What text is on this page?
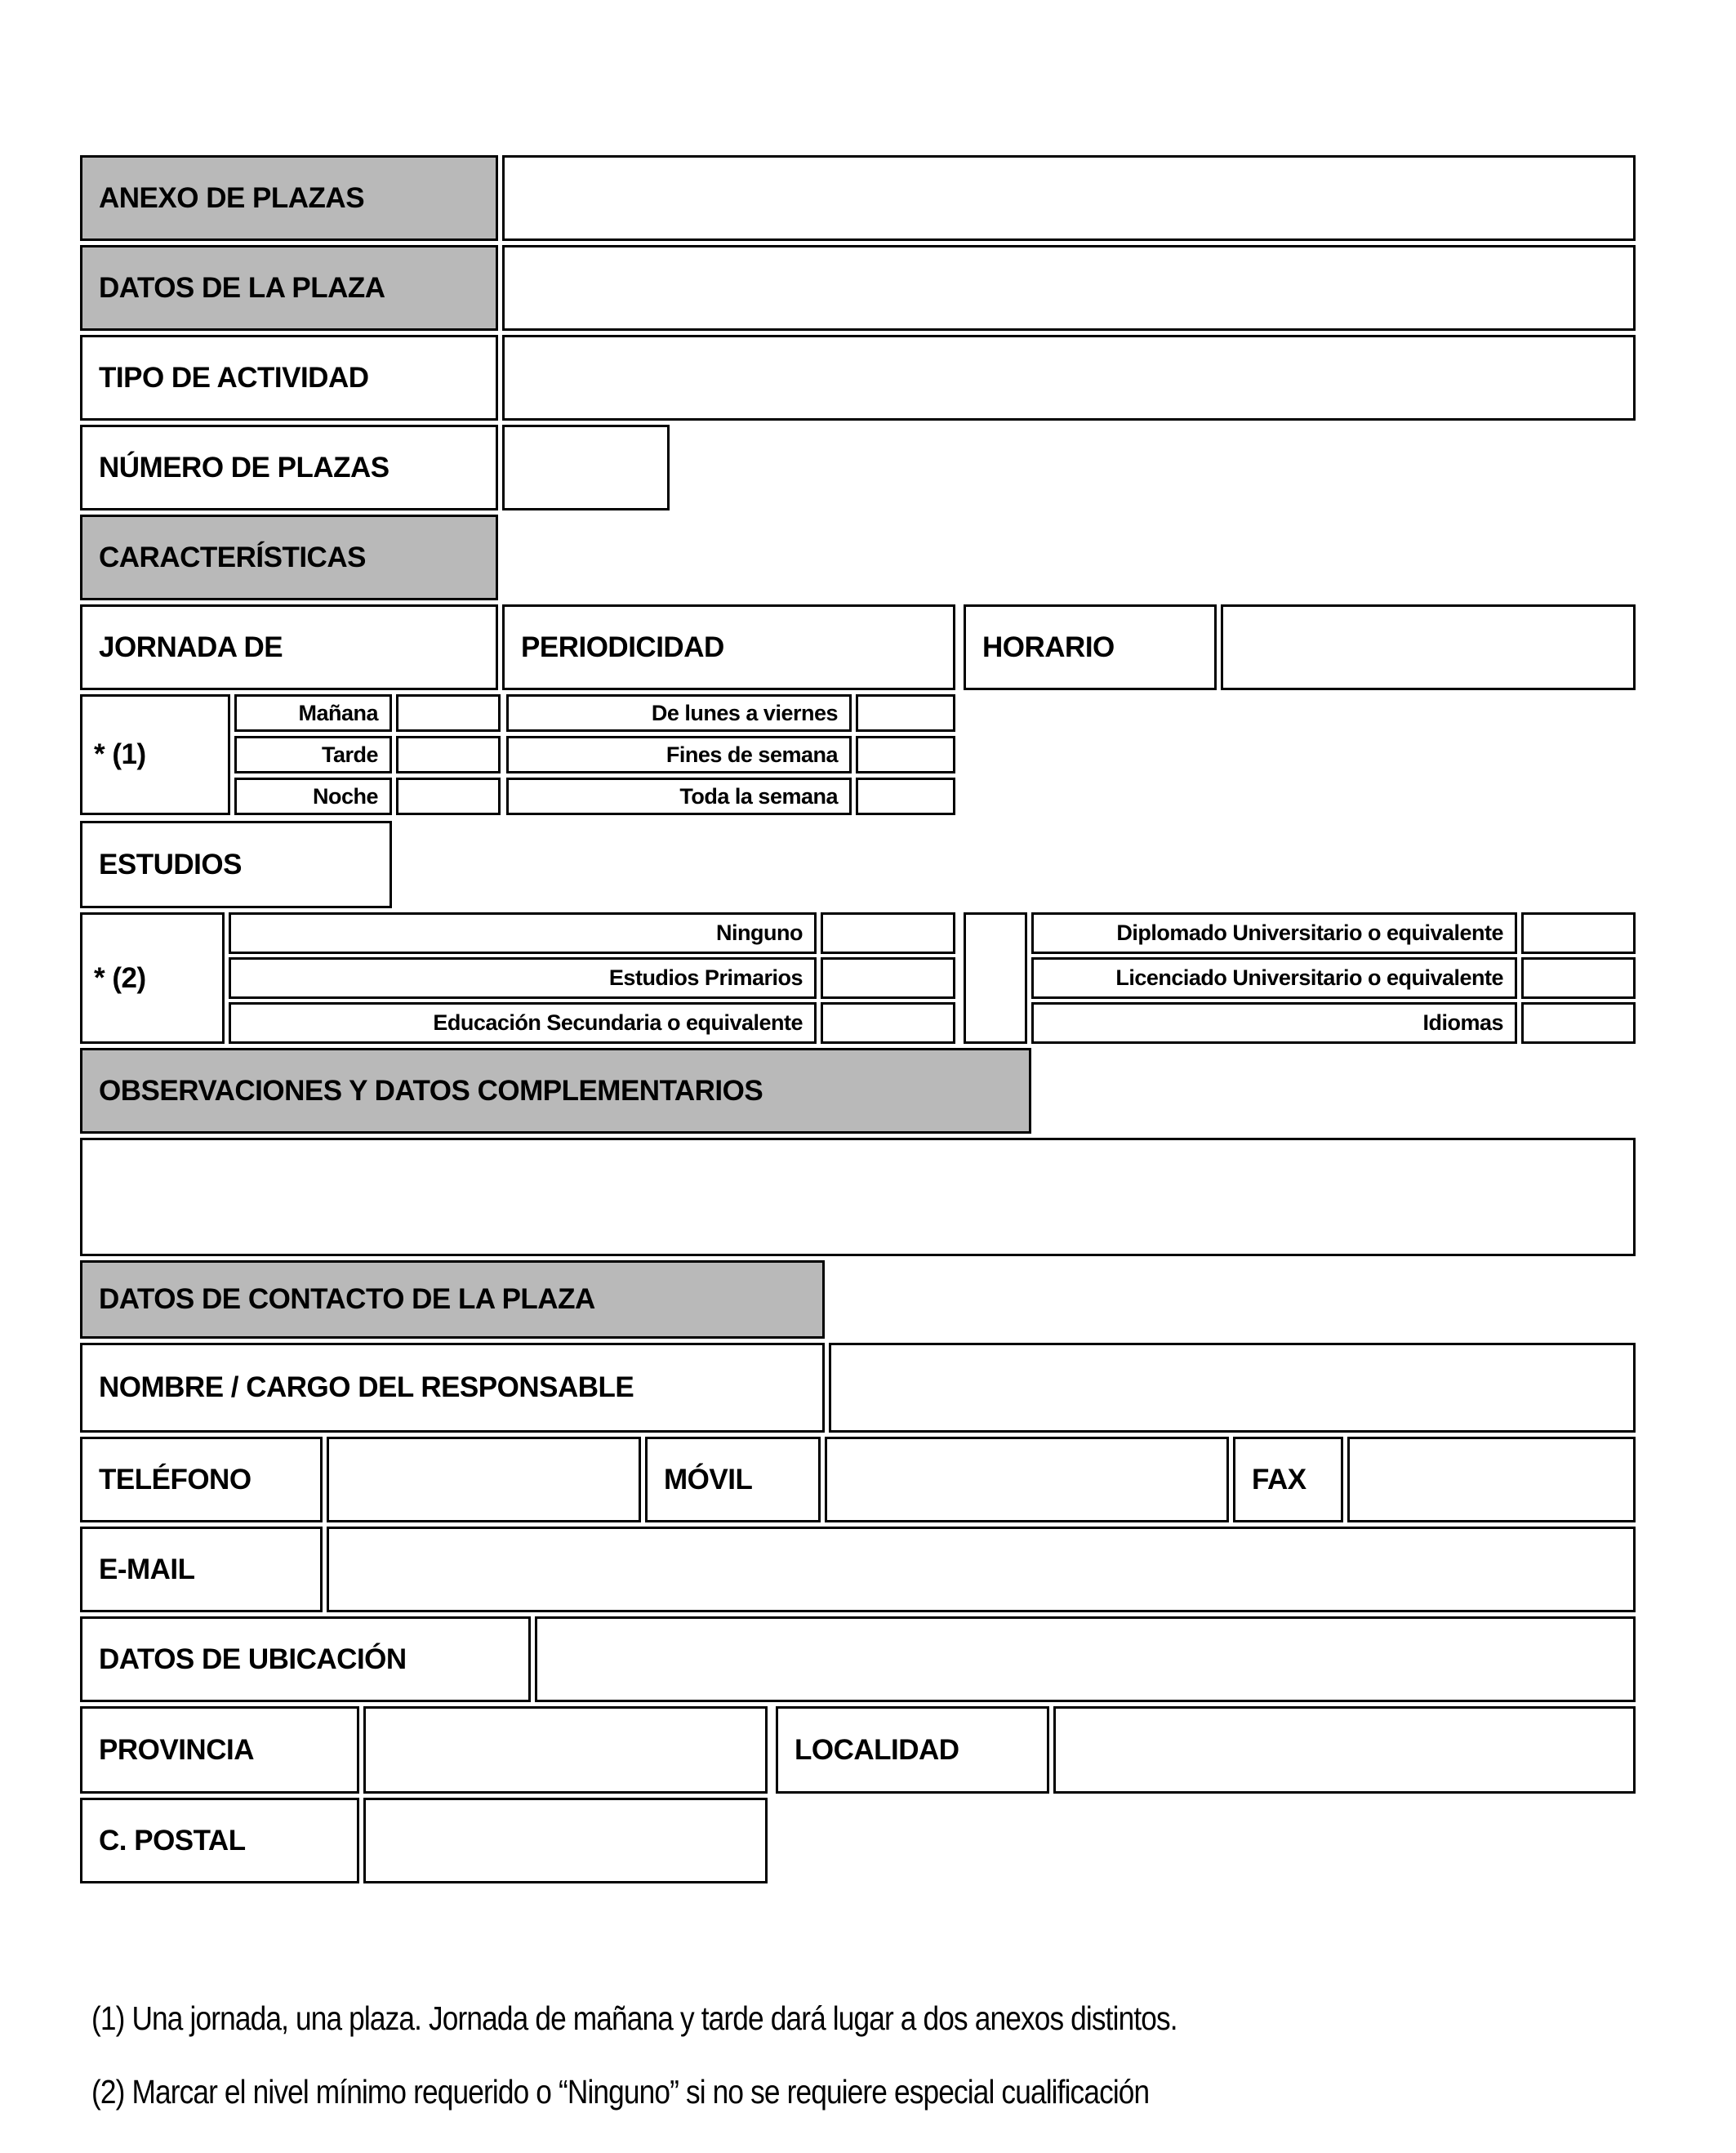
ANEXO DE PLAZAS
DATOS DE LA PLAZA
TIPO DE ACTIVIDAD
NÚMERO DE PLAZAS
CARACTERÍSTICAS
JORNADA DE	PERIODICIDAD	HORARIO
* (1)
Mañana	De lunes a viernes
Tarde	Fines de semana
Noche	Toda la semana
ESTUDIOS
* (2)
Ninguno	Diplomado Universitario o equivalente
Estudios Primarios	Licenciado Universitario o equivalente
Educación Secundaria o equivalente	Idiomas
OBSERVACIONES Y DATOS COMPLEMENTARIOS
DATOS DE CONTACTO DE LA PLAZA
NOMBRE / CARGO DEL RESPONSABLE
TELÉFONO	MÓVIL	FAX
E-MAIL
DATOS DE UBICACIÓN
PROVINCIA	LOCALIDAD
C. POSTAL
(1) Una jornada, una plaza. Jornada de mañana y tarde dará lugar a dos anexos distintos.
(2) Marcar el nivel mínimo requerido o “Ninguno” si no se requiere especial cualificación
